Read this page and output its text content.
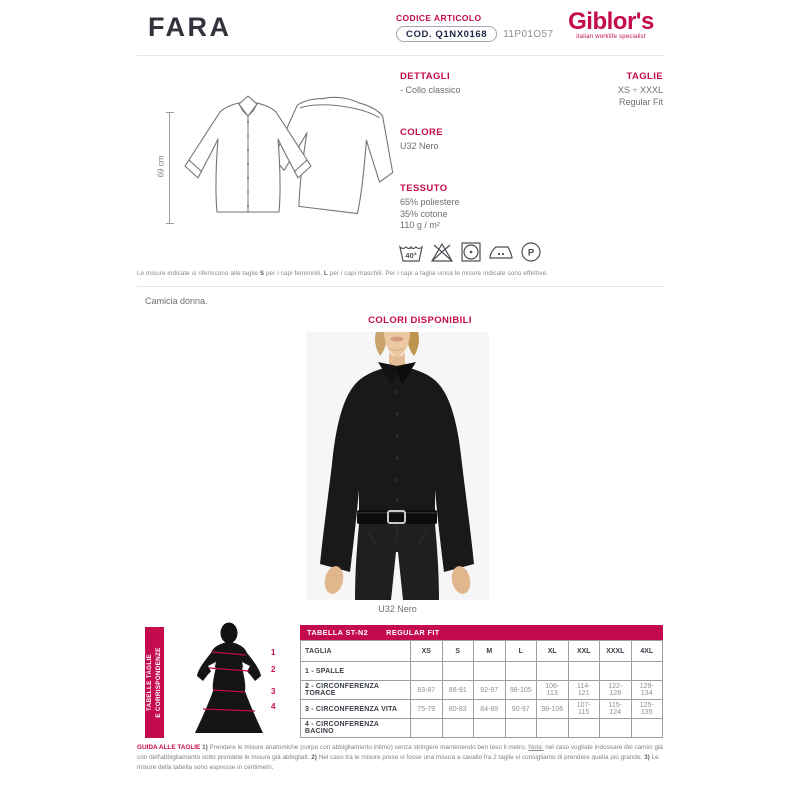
FARA	CODICE ARTICOLO
COD. Q1NX0168	11P01O57 Giblor's
italian worklife specialist
69 cm
DETTAGLI
- Collo classico
TAGLIE
XS ÷ XXXL
Regular Fit
COLORE
U32 Nero
TESSUTO
65% poliestere
35% cotone
110 g / m²
40°	P
Le misure indicate si riferiscono alle taglie S per i capi femminili, L per i capi maschili. Per i capi a taglia unica le misure indicate sono effettive.
Camicia donna.
COLORI DISPONIBILI
U32 Nero
TABELLE TAGLIE E CORRISPONDENZE	1
2
3
4
TABELLA ST-N2 REGULAR FIT
TAGLIA	XS	S	M	L	XL	XXL	XXXL	4XL
1 - SPALLE								
2 - CIRCONFERENZA TORACE	83-87	88-91	92-97	98-105	106-113	114-121	122-128	129-134
3 - CIRCONFERENZA VITA	75-79	80-83	84-89	90-97	98-106	107-115	115-124	125-135
4 - CIRCONFERENZA BACINO								
GUIDA ALLE TAGLIE 1) Prendere le misure anatomiche (corpo con abbigliamento intimo) senza stringere mantenendo ben teso il metro. Nota: nel caso vogliate indossare dei camici già con dell'abbigliamento sotto prendete le misure già abbigliati. 2) Nel caso tra le misure prese vi fosse una misura a cavallo fra 2 taglie vi consigliamo di prendere quella più grande. 3) Le misure della tabella sono espresse in centimetri.
